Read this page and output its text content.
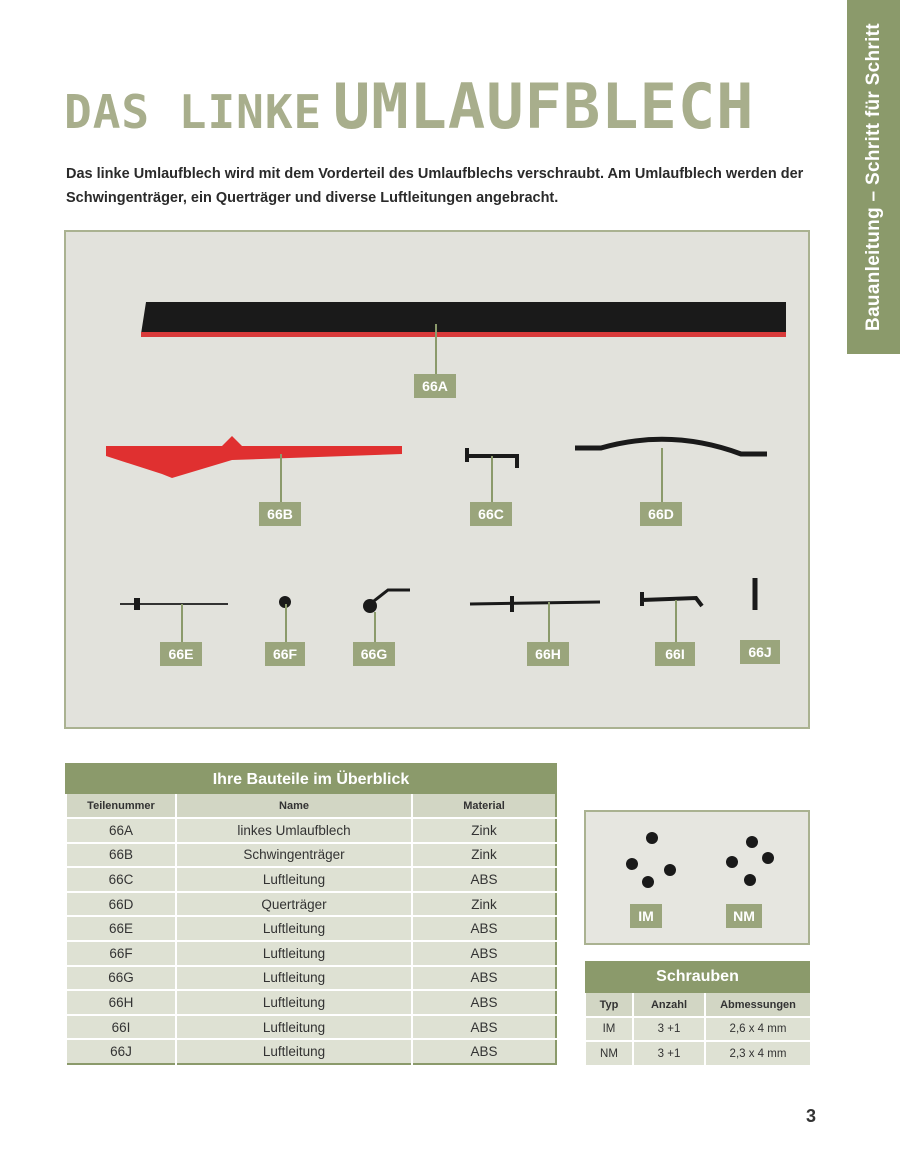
Bauanleitung – Schritt für Schritt
DAS LINKE UMLAUFBLECH

Das linke Umlaufblech wird mit dem Vorderteil des Umlaufblechs verschraubt. Am Umlaufblech werden der Schwingenträger, ein Querträger und diverse Luftleitungen angebracht.

66A
66B	66C	66D
66E	66F	66G	66H	66I	66J
Ihre Bauteile im Überblick		
Teilenummer	Name	Material
66A	linkes Umlaufblech	Zink
66B	Schwingenträger	Zink
66C	Luftleitung	ABS
66D	Querträger	Zink
66E	Luftleitung	ABS
66F	Luftleitung	ABS
66G	Luftleitung	ABS
66H	Luftleitung	ABS
66I	Luftleitung	ABS
66J	Luftleitung	ABS
IM	NM
Schrauben		
Typ	Anzahl	Abmessungen
IM	3 +1	2,6 x 4 mm
NM	3 +1	2,3 x 4 mm
3
